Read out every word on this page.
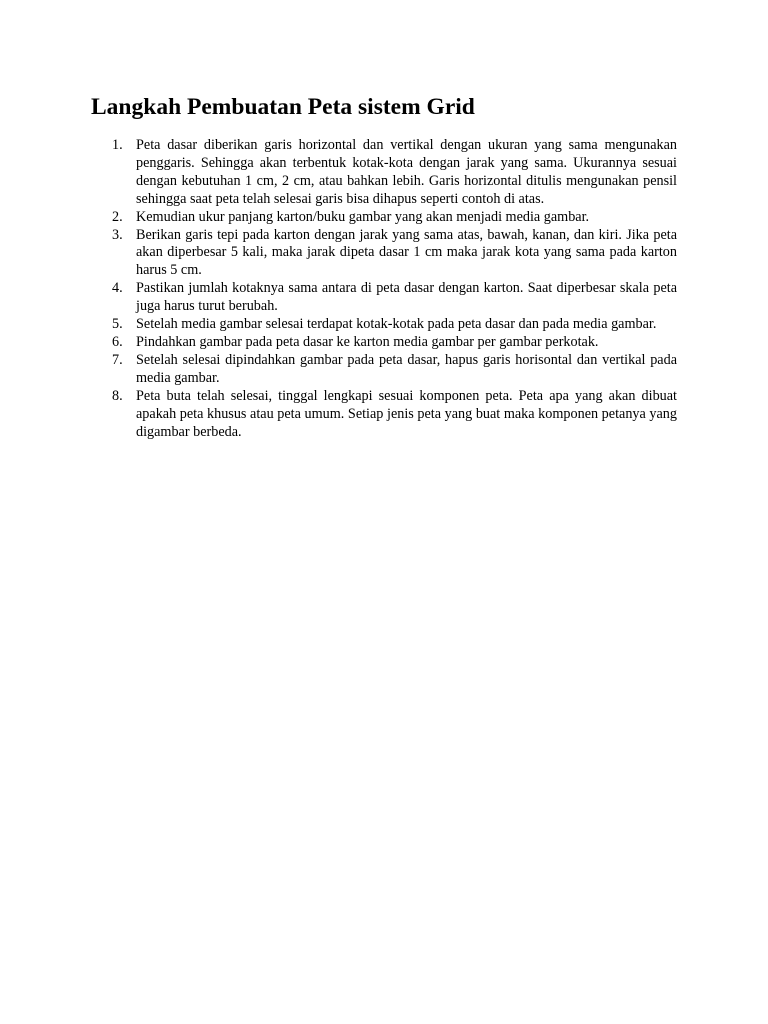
Langkah Pembuatan Peta sistem Grid
1. Peta dasar diberikan garis horizontal dan vertikal dengan ukuran yang sama mengunakan penggaris. Sehingga akan terbentuk kotak-kota dengan jarak yang sama. Ukurannya sesuai dengan kebutuhan 1 cm, 2 cm, atau bahkan lebih. Garis horizontal ditulis mengunakan pensil sehingga saat peta telah selesai garis bisa dihapus seperti contoh di atas.
2. Kemudian ukur panjang karton/buku gambar yang akan menjadi media gambar.
3. Berikan garis tepi pada karton dengan jarak yang sama atas, bawah, kanan, dan kiri. Jika peta akan diperbesar 5 kali, maka jarak dipeta dasar 1 cm maka jarak kota yang sama pada karton harus 5 cm.
4. Pastikan jumlah kotaknya sama antara di peta dasar dengan karton. Saat diperbesar skala peta juga harus turut berubah.
5. Setelah media gambar selesai terdapat kotak-kotak pada peta dasar dan pada media gambar.
6. Pindahkan gambar pada peta dasar ke karton media gambar per gambar perkotak.
7. Setelah selesai dipindahkan gambar pada peta dasar, hapus garis horisontal dan vertikal pada media gambar.
8. Peta buta telah selesai, tinggal lengkapi sesuai komponen peta. Peta apa yang akan dibuat apakah peta khusus atau peta umum. Setiap jenis peta yang buat maka komponen petanya yang digambar berbeda.
